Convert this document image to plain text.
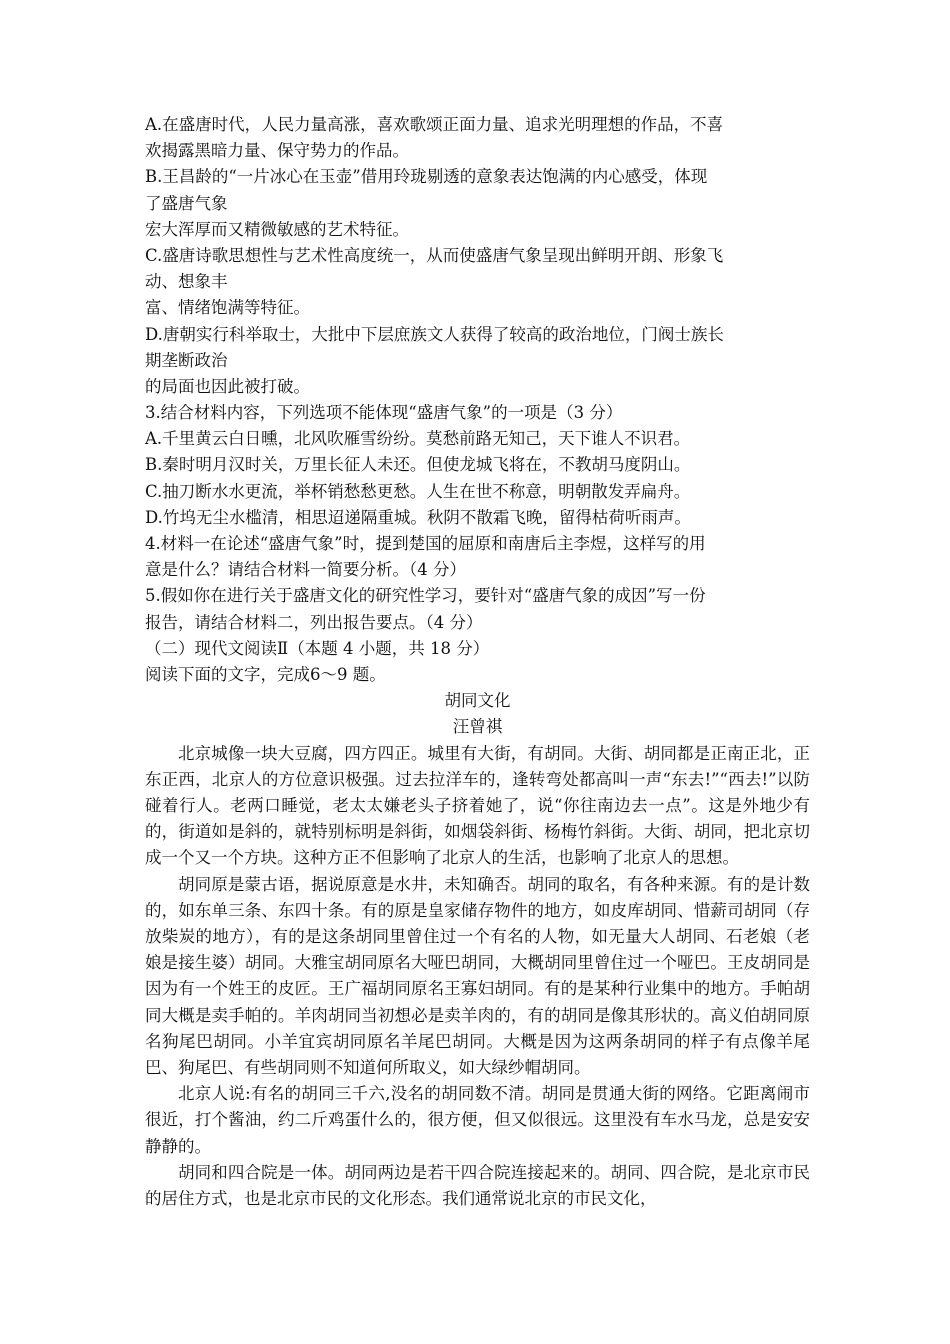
A.在盛唐时代，人民力量高涨，喜欢歌颂正面力量、追求光明理想的作品，不喜
欢揭露黑暗力量、保守势力的作品。
B.王昌龄的“一片冰心在玉壶”借用玲珑剔透的意象表达饱满的内心感受，体现
了盛唐气象
宏大浑厚而又精微敏感的艺术特征。
C.盛唐诗歌思想性与艺术性高度统一，从而使盛唐气象呈现出鲜明开朗、形象飞
动、想象丰
富、情绪饱满等特征。
D.唐朝实行科举取士，大批中下层庶族文人获得了较高的政治地位，门阀士族长
期垄断政治
的局面也因此被打破。
3.结合材料内容，下列选项不能体现“盛唐气象”的一项是（3 分）
A.千里黄云白日曛，北风吹雁雪纷纷。莫愁前路无知己，天下谁人不识君。
B.秦时明月汉时关，万里长征人未还。但使龙城飞将在，不教胡马度阴山。
C.抽刀断水水更流，举杯销愁愁更愁。人生在世不称意，明朝散发弄扁舟。
D.竹坞无尘水槛清，相思迢递隔重城。秋阴不散霜飞晚，留得枯荷听雨声。
4.材料一在论述“盛唐气象”时，提到楚国的屈原和南唐后主李煜，这样写的用
意是什么？请结合材料一简要分析。（4 分）
5.假如你在进行关于盛唐文化的研究性学习，要针对“盛唐气象的成因”写一份
报告，请结合材料二，列出报告要点。（4 分）
（二）现代文阅读Ⅱ（本题 4 小题，共 18 分）
阅读下面的文字，完成6～9 题。
胡同文化
汪曾祺
北京城像一块大豆腐，四方四正。城里有大街，有胡同。大街、胡同都是正南正北，正东正西，北京人的方位意识极强。过去拉洋车的，逢转弯处都高叫一声“东去!”“西去!”以防碰着行人。老两口睡觉，老太太嫌老头子挤着她了，说“你往南边去一点”。这是外地少有的，街道如是斜的，就特别标明是斜街，如烟袋斜街、杨梅竹斜街。大街、胡同，把北京切成一个又一个方块。这种方正不但影响了北京人的生活，也影响了北京人的思想。
胡同原是蒙古语，据说原意是水井，未知确否。胡同的取名，有各种来源。有的是计数的，如东单三条、东四十条。有的原是皇家储存物件的地方，如皮库胡同、惜薪司胡同（存放柴炭的地方），有的是这条胡同里曾住过一个有名的人物，如无量大人胡同、石老娘（老娘是接生婆）胡同。大雅宝胡同原名大哑巴胡同，大概胡同里曾住过一个哑巴。王皮胡同是因为有一个姓王的皮匠。王广福胡同原名王寡妇胡同。有的是某种行业集中的地方。手帕胡同大概是卖手帕的。羊肉胡同当初想必是卖羊肉的，有的胡同是像其形状的。高义伯胡同原名狗尾巴胡同。小羊宜宾胡同原名羊尾巴胡同。大概是因为这两条胡同的样子有点像羊尾巴、狗尾巴、有些胡同则不知道何所取义，如大绿纱帽胡同。
北京人说:有名的胡同三千六,没名的胡同数不清。胡同是贯通大街的网络。它距离闹市很近，打个酱油，约二斤鸡蛋什么的，很方便，但又似很远。这里没有车水马龙，总是安安静静的。
胡同和四合院是一体。胡同两边是若干四合院连接起来的。胡同、四合院，是北京市民的居住方式，也是北京市民的文化形态。我们通常说北京的市民文化，
